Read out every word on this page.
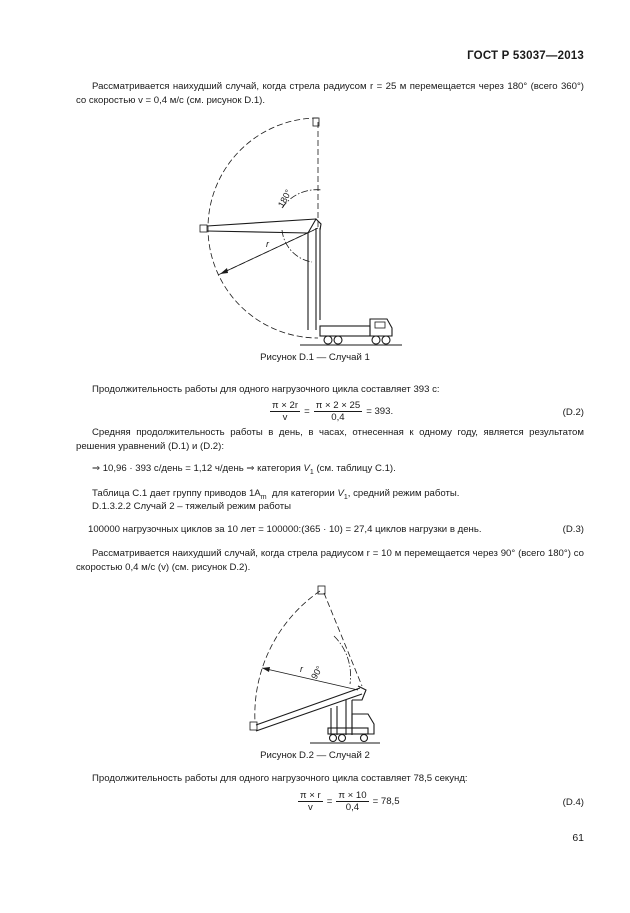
ГОСТ Р 53037—2013
Рассматривается наихудший случай, когда стрела радиусом r = 25 м перемещается через 180° (всего 360°) со скоростью v = 0,4 м/с (см. рисунок D.1).
180°
r
Рисунок D.1 — Случай 1
Продолжительность работы для одного нагрузочного цикла составляет 393 с:
$\frac{\pi \times 2r}{v} = \frac{\pi \times 2 \times 25}{0,4} = 393$.	(D.2)
Средняя продолжительность работы в день, в часах, отнесенная к одному году, является результатом решения уравнений (D.1) и (D.2):
⇒ 10,96 · 393 с/день = 1,12 ч/день ⇒ категория $V_1$ (см. таблицу С.1).
Таблица С.1 дает группу приводов $1А_m$  для категории $V_1$, средний режим работы.
D.1.3.2.2 Случай 2 – тяжелый режим работы
100000 нагрузочных циклов за 10 лет = 100000:(365 · 10) = 27,4 циклов нагрузки в день.	(D.3)
Рассматривается наихудший случай, когда стрела радиусом r = 10 м перемещается через 90° (всего 180°) со скоростью 0,4 м/с (v) (см. рисунок D.2).
90°
r
Рисунок D.2 — Случай 2
Продолжительность работы для одного нагрузочного цикла составляет 78,5 секунд:
$\frac{\pi \times r}{v} = \frac{\pi \times 10}{0,4} = 78,5$	(D.4)
61
